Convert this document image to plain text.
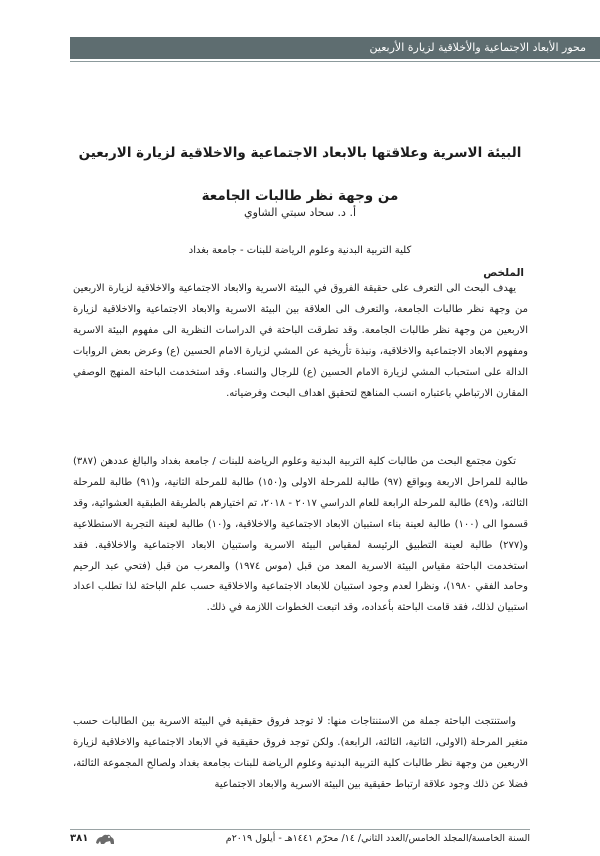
محور الأبعاد الاجتماعية والأخلاقية لزيارة الأربعين
البيئة الاسرية وعلاقتها بالابعاد الاجتماعية والاخلاقية لزيارة الاربعين من وجهة نظر طالبات الجامعة
أ. د. سحاد سبتي الشاوي
كلية التربية البدنية وعلوم الرياضة للبنات - جامعة بغداد
الملخص

يهدف البحث الى التعرف على حقيقة الفروق في البيئة الاسرية والابعاد الاجتماعية والاخلاقية لزيارة الاربعين من وجهة نظر طالبات الجامعة، والتعرف الى العلاقة بين البيئة الاسرية والابعاد الاجتماعية والاخلاقية لزيارة الاربعين من وجهة نظر طالبات الجامعة. وقد تطرقت الباحثة في الدراسات النظرية الى مفهوم البيئة الاسرية ومفهوم الابعاد الاجتماعية والاخلاقية، ونبذة تأريخية عن المشي لزيارة الامام الحسين (ع) وعرض بعض الروايات الدالة على استحباب المشي لزيارة الامام الحسين (ع) للرجال والنساء. وقد استخدمت الباحثة المنهج الوصفي المقارن الارتباطي باعتباره انسب المناهج لتحقيق اهداف البحث وفرضياته.

تكون مجتمع البحث من طالبات كلية التربية البدنية وعلوم الرياضة للبنات / جامعة بغداد والبالغ عددهن (٣٨٧) طالبة للمراحل الاربعة وبواقع (٩٧) طالبة للمرحلة الاولى و(١٥٠) طالبة للمرحلة الثانية، و(٩١) طالبة للمرحلة الثالثة، و(٤٩) طالبة للمرحلة الرابعة للعام الدراسي ٢٠١٧ - ٢٠١٨، تم اختيارهم بالطريقة الطبقية العشوائية، وقد قسموا الى (١٠٠) طالبة لعينة بناء استبيان الابعاد الاجتماعية والاخلاقية، و(١٠) طالبة لعينة التجربة الاستطلاعية و(٢٧٧) طالبة لعينة التطبيق الرئيسة لمقياس البيئة الاسرية واستبيان الابعاد الاجتماعية والاخلاقية. فقد استخدمت الباحثة مقياس البيئة الاسرية المعد من قبل (موس ١٩٧٤) والمعرب من قبل (فتحي عبد الرحيم وحامد الفقي ١٩٨٠)، ونظرا لعدم وجود استبيان للابعاد الاجتماعية والاخلاقية حسب علم الباحثة لذا تطلب اعداد استبيان لذلك، فقد قامت الباحثة بأعداده، وقد اتبعت الخطوات اللازمة في ذلك.

واستنتجت الباحثة جملة من الاستنتاجات منها: لا توجد فروق حقيقية في البيئة الاسرية بين الطالبات حسب متغير المرحلة (الاولى، الثانية، الثالثة، الرابعة). ولكن توجد فروق حقيقية في الابعاد الاجتماعية والاخلاقية لزيارة الاربعين من وجهة نظر طالبات كلية التربية البدنية وعلوم الرياضة للبنات بجامعة بغداد ولصالح المجموعة الثالثة، فضلا عن ذلك وجود علاقة ارتباط حقيقية بين البيئة الاسرية والابعاد الاجتماعية

السنة الخامسة/المجلد الخامس/العدد الثاني/ ١٤/ محرّم ١٤٤١هـ - أيلول ٢٠١٩م
٣٨١
